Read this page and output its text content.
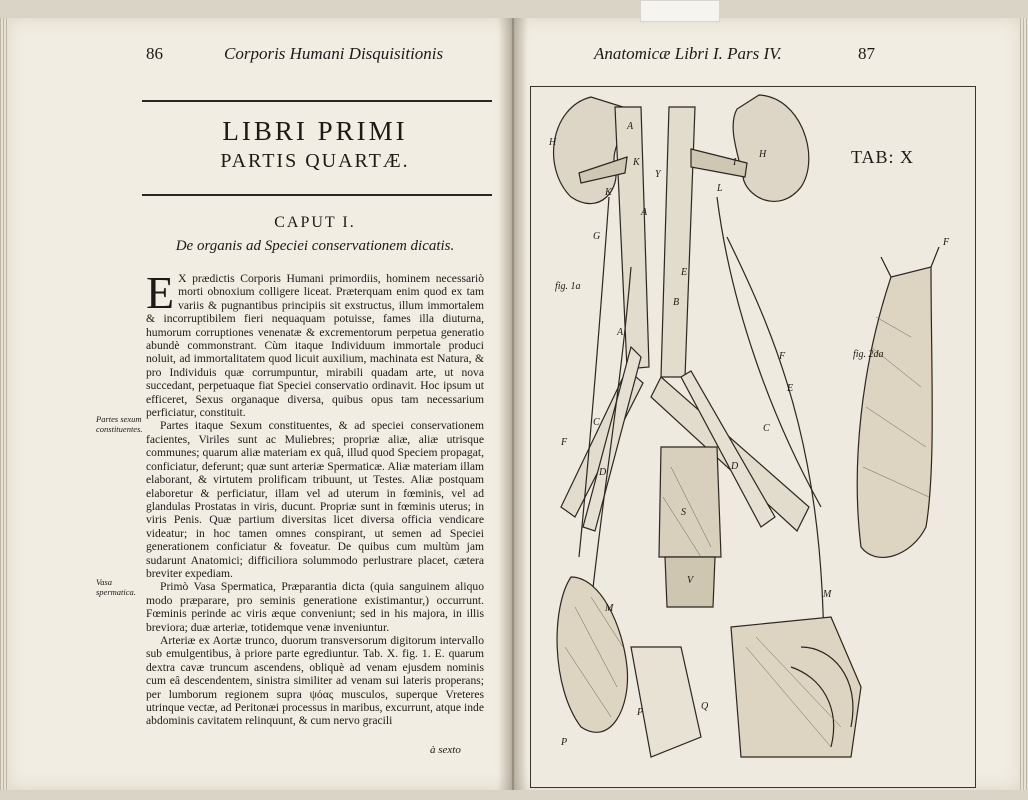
86	Corporis Humani Disquisitionis
LIBRI PRIMI
PARTIS QUARTÆ.
CAPUT I.
De organis ad Speciei conservationem dicatis.

E X prædictis Corporis Humani primordiis, hominem necessariò morti obnoxium colligere liceat. Præterquam enim quod ex tam variis & pugnantibus principiis sit exstructus, illum immortalem & incorruptibilem fieri nequaquam potuisse, fames illa diuturna, humorum corruptiones venenatæ & excrementorum perpetua generatio abundè commonstrant. Cùm itaque Individuum immortale produci noluit, ad immortalitatem quod licuit auxilium, machinata est Natura, & pro Individuis quæ corrumpuntur, mirabili quadam arte, ut nova succedant, perpetuaque fiat Speciei conservatio ordinavit. Hoc ipsum ut efficeret, Sexus organaque diversa, quibus opus tam necessarium perficiatur, constituit.

Partes itaque Sexum constituentes, & ad speciei conservationem facientes, Viriles sunt ac Muliebres; propriæ aliæ, aliæ utrisque communes; quarum aliæ materiam ex quâ, illud quod Speciem propagat, conficiatur, deferunt; quæ sunt arteriæ Spermaticæ. Aliæ materiam illam elaborant, & virtutem prolificam tribuunt, ut Testes. Aliæ postquam elaboretur & perficiatur, illam vel ad uterum in fœminis, vel ad glandulas Prostatas in viris, ducunt. Propriæ sunt in fœminis uterus; in viris Penis. Quæ partium diversitas licet diversa officia vendicare videatur; in hoc tamen omnes conspirant, ut semen ad Speciei generationem conficiatur & foveatur. De quibus cum multùm jam sudarunt Anatomici; difficiliora solummodo perlustrare placet, cætera breviter expediam.

Primò Vasa Spermatica, Præparantia dicta (quia sanguinem aliquo modo præparare, pro seminis generatione existimantur,) occurrunt. Fœminis perinde ac viris æque conveniunt; sed in his majora, in illis breviora; duæ arteriæ, totidemque venæ inveniuntur.

Arteriæ ex Aortæ trunco, duorum transversorum digitorum intervallo sub emulgentibus, à priore parte egrediuntur. Tab. X. fig. 1. E. quarum dextra cavæ truncum ascendens, obliquè ad venam ejusdem nominis cum eâ descendentem, sinistra similiter ad venam sui lateris properans; per lumborum regionem supra ψόας musculos, superque Vreteres utrinque vectæ, ad Peritonæi processus in maribus, excurrunt, atque inde abdominis cavitatem relinquunt, & cum nervo gracili

Partes sexum constituentes.
Vasa spermatica.
à sexto
Anatomicæ Libri I. Pars IV.	87
TAB: X
fig. 1a
fig. 2da
A
A
A
B
C
C
D
D
E
E
F
F
F
G
H
H
I
K
K
Y
L
M
M
P
P
Q
S
V
